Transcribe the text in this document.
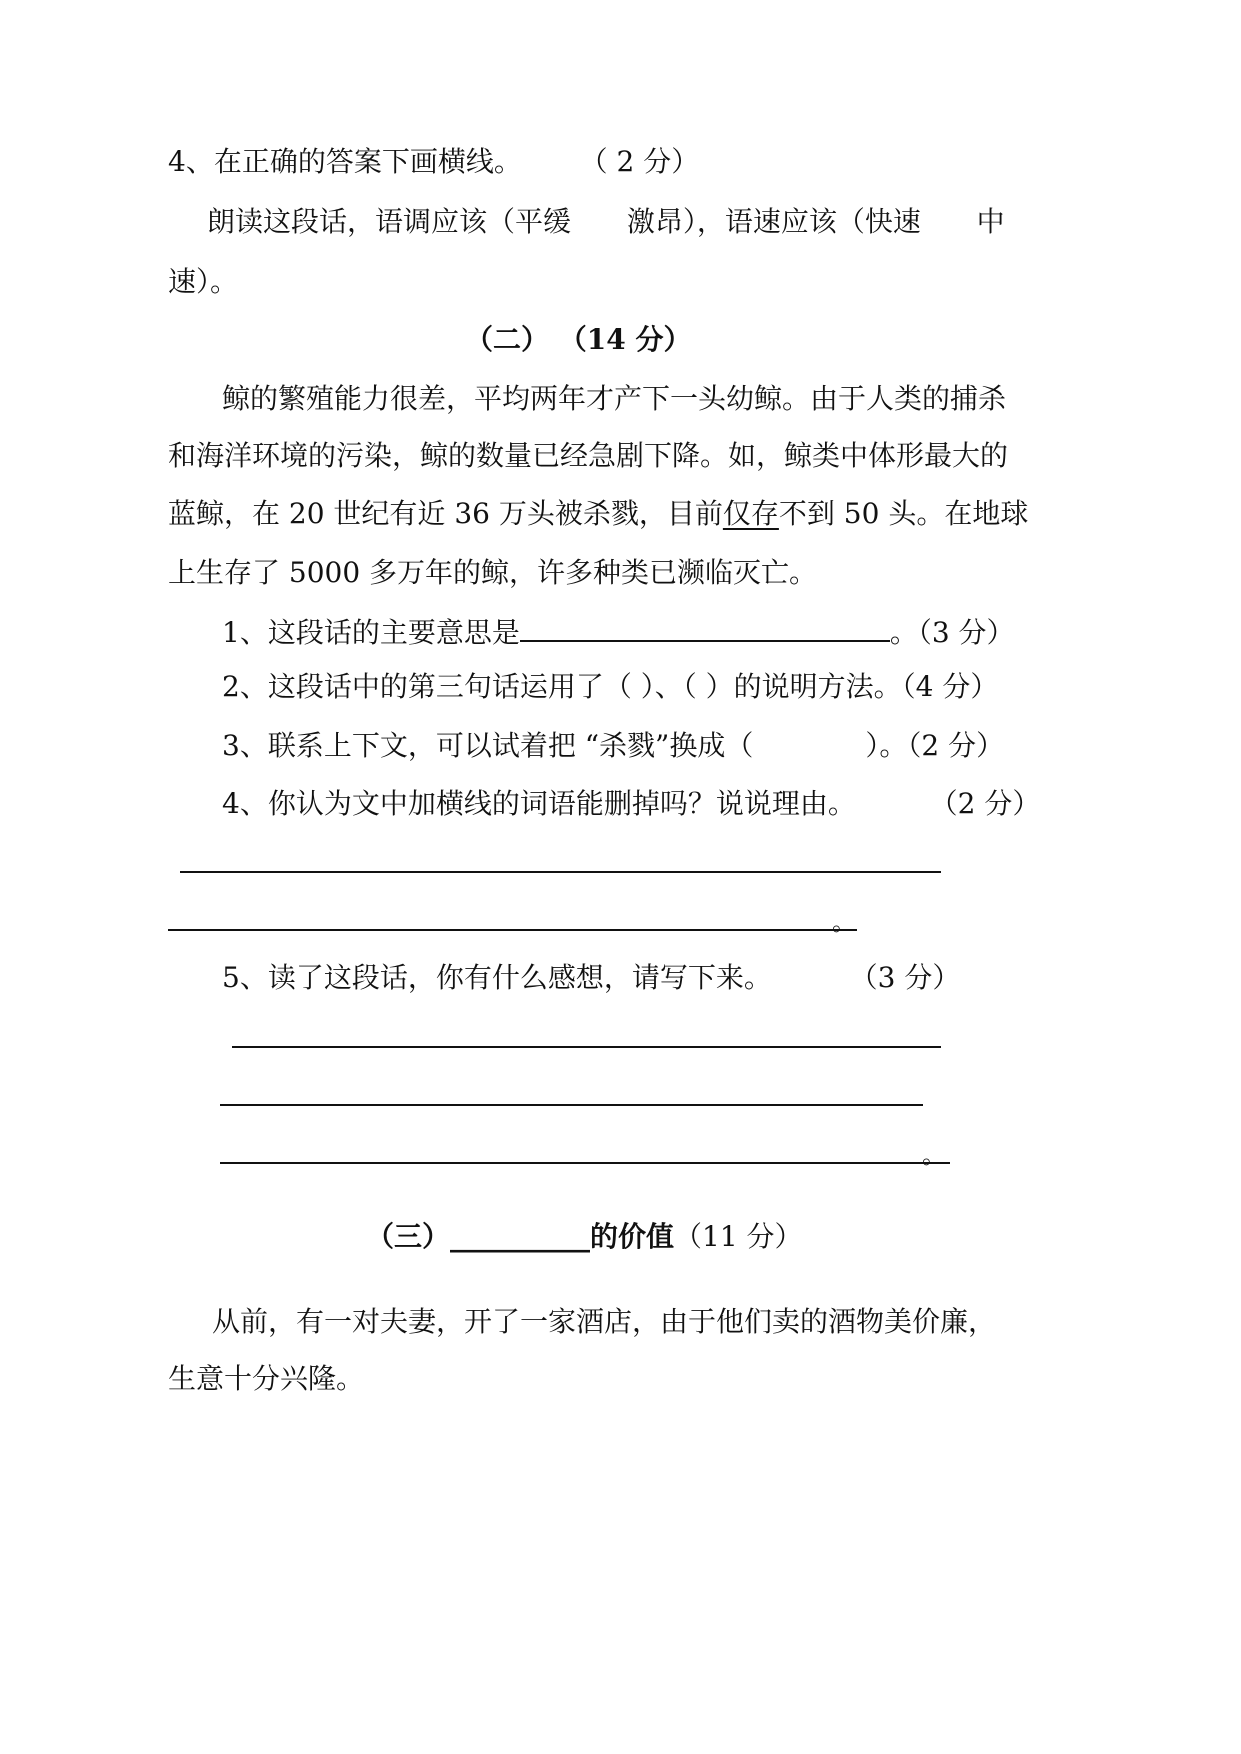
4、在正确的答案下画横线。 （ 2 分）
朗读这段话，语调应该（平缓 激昂），语速应该（快速 中
速）。
（二） （14 分）
鲸的繁殖能力很差，平均两年才产下一头幼鲸。由于人类的捕杀
和海洋环境的污染，鲸的数量已经急剧下降。如，鲸类中体形最大的
蓝鲸，在 20 世纪有近 36 万头被杀戮，目前仅存不到 50 头。在地球
上生存了 5000 多万年的鲸，许多种类已濒临灭亡。
1、这段话的主要意思是	。（3 分）
2、这段话中的第三句话运用了（ ）、（ ）的说明方法。（4 分）
3、联系上下文，可以试着把 “杀戮”换成（	）。（2 分）
4、你认为文中加横线的词语能删掉吗？说说理由。	（2 分）
。
5、读了这段话，你有什么感想，请写下来。	（3 分）
。
（三）__________的价值（11 分）
从前，有一对夫妻，开了一家酒店，由于他们卖的酒物美价廉，
生意十分兴隆。
